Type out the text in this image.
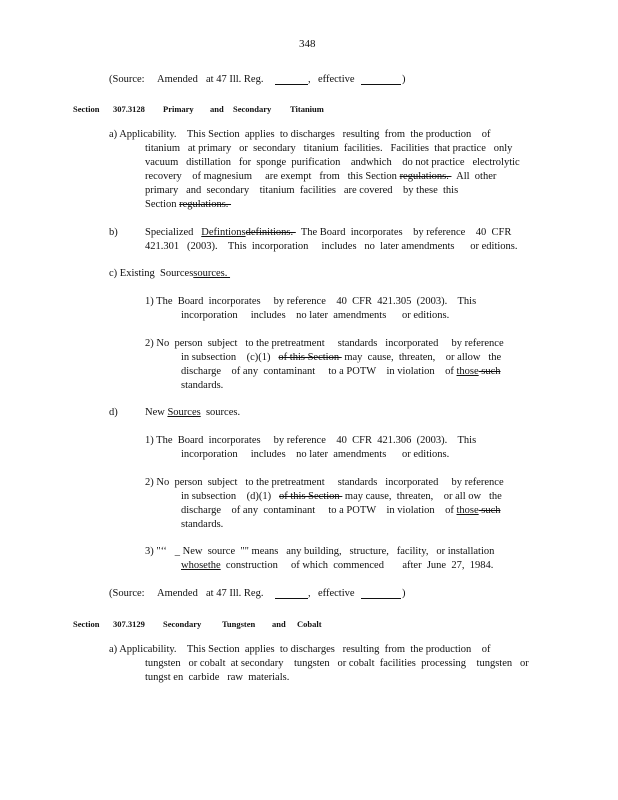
348
(Source: Amended at 47 Ill. Reg.	, effective	)
Section 307.3128 Primary and Secondary Titanium
a) Applicability.    This Section  applies  to discharges   resulting  from  the production    of
titanium   at primary   or  secondary   titanium  facilities.   Facilities  that practice   only
vacuum   distillation   for  sponge  purification    andwhich    do not practice   electrolytic
recovery    of magnesium     are exempt   from   this Section regulations.   All  other
primary   and  secondary    titanium  facilities   are covered    by these  this
Section regulations.
b)	Specialized   Defintionsdefinitions.   The Board  incorporates    by reference    40  CFR
421.301   (2003).    This  incorporation     includes   no  later amendments      or editions.
c) Existing  Sourcessources.
1) The  Board  incorporates     by reference    40  CFR  421.305  (2003).    This
incorporation     includes    no later  amendments      or editions.
2) No  person  subject   to the pretreatment     standards   incorporated     by reference
in subsection    (c)(1)   of this Section  may  cause,  threaten,    or allow   the
discharge    of any  contaminant     to a POTW    in violation    of those such
standards.
d)	New Sources  sources.
1) The  Board  incorporates     by reference    40  CFR  421.306  (2003).    This
incorporation     includes    no later  amendments      or editions.
2) No  person  subject   to the pretreatment     standards   incorporated     by reference
in subsection    (d)(1)   of this Section  may cause,  threaten,    or all ow   the
discharge    of any  contaminant     to a POTW    in violation    of those such
standards.
3) "‘‘   _ New  source  "" means   any building,   structure,   facility,   or installation
whosethe  construction     of which  commenced       after  June  27,  1984.
(Source: Amended at 47 Ill. Reg.	, effective	)
Section 307.3129 Secondary Tungsten and Cobalt
a) Applicability.    This Section  applies  to discharges   resulting  from  the production    of
tungsten   or cobalt  at secondary    tungsten   or cobalt  facilities  processing    tungsten   or
tungst en  carbide   raw  materials.
